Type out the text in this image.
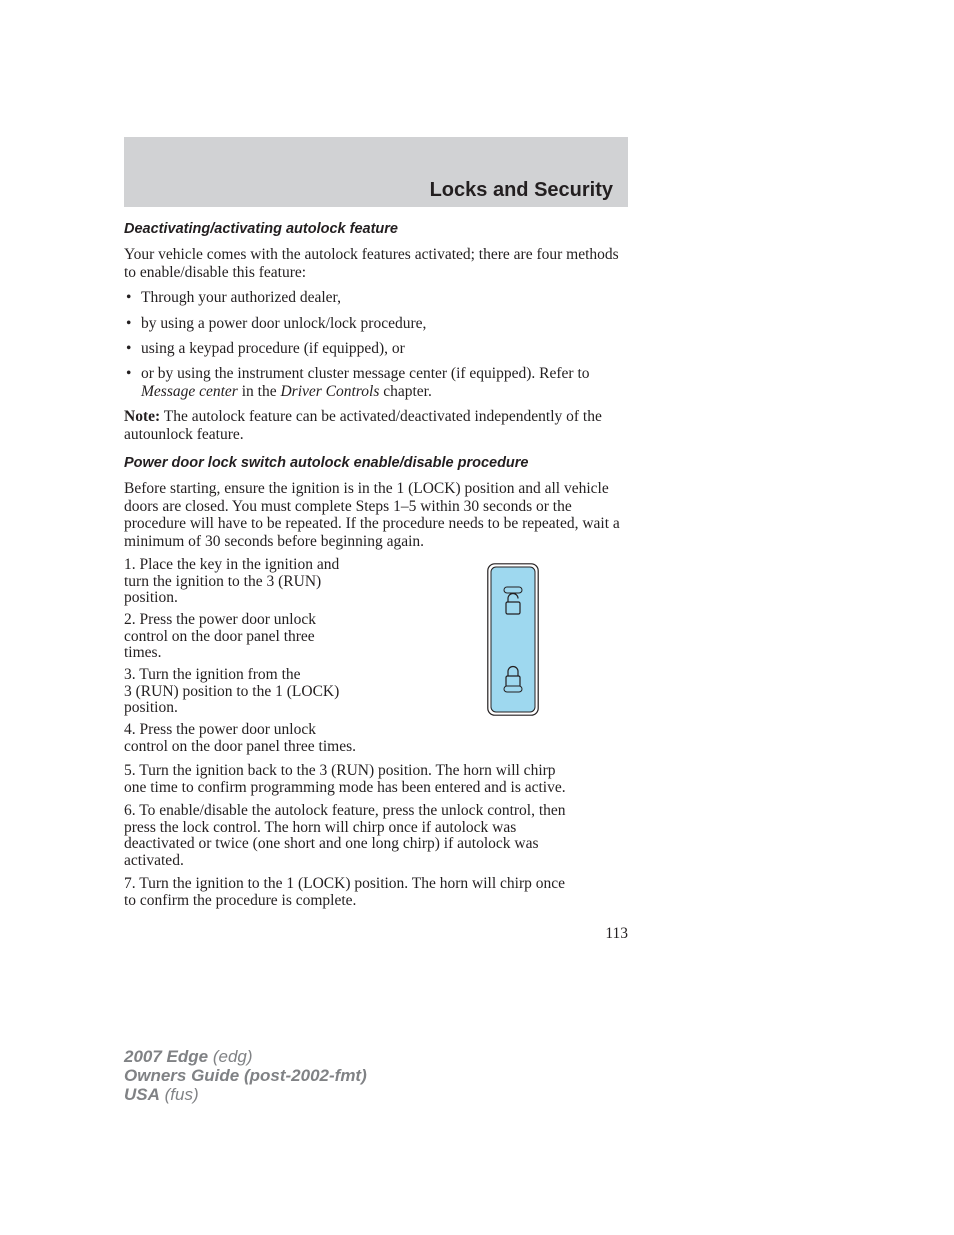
Locks and Security
Deactivating/activating autolock feature
Your vehicle comes with the autolock features activated; there are four methods to enable/disable this feature:
• Through your authorized dealer,
• by using a power door unlock/lock procedure,
• using a keypad procedure (if equipped), or
• or by using the instrument cluster message center (if equipped). Refer to Message center in the Driver Controls chapter.
Note: The autolock feature can be activated/deactivated independently of the autounlock feature.
Power door lock switch autolock enable/disable procedure
Before starting, ensure the ignition is in the 1 (LOCK) position and all vehicle doors are closed. You must complete Steps 1–5 within 30 seconds or the procedure will have to be repeated. If the procedure needs to be repeated, wait a minimum of 30 seconds before beginning again.
1. Place the key in the ignition and
turn the ignition to the 3 (RUN)
position.
2. Press the power door unlock
control on the door panel three
times.
3. Turn the ignition from the
3 (RUN) position to the 1 (LOCK)
position.
4. Press the power door unlock
control on the door panel three times.
5. Turn the ignition back to the 3 (RUN) position. The horn will chirp
one time to confirm programming mode has been entered and is active.
6. To enable/disable the autolock feature, press the unlock control, then
press the lock control. The horn will chirp once if autolock was
deactivated or twice (one short and one long chirp) if autolock was
activated.
7. Turn the ignition to the 1 (LOCK) position. The horn will chirp once
to confirm the procedure is complete.
113
2007 Edge (edg)
Owners Guide (post-2002-fmt)
USA (fus)
